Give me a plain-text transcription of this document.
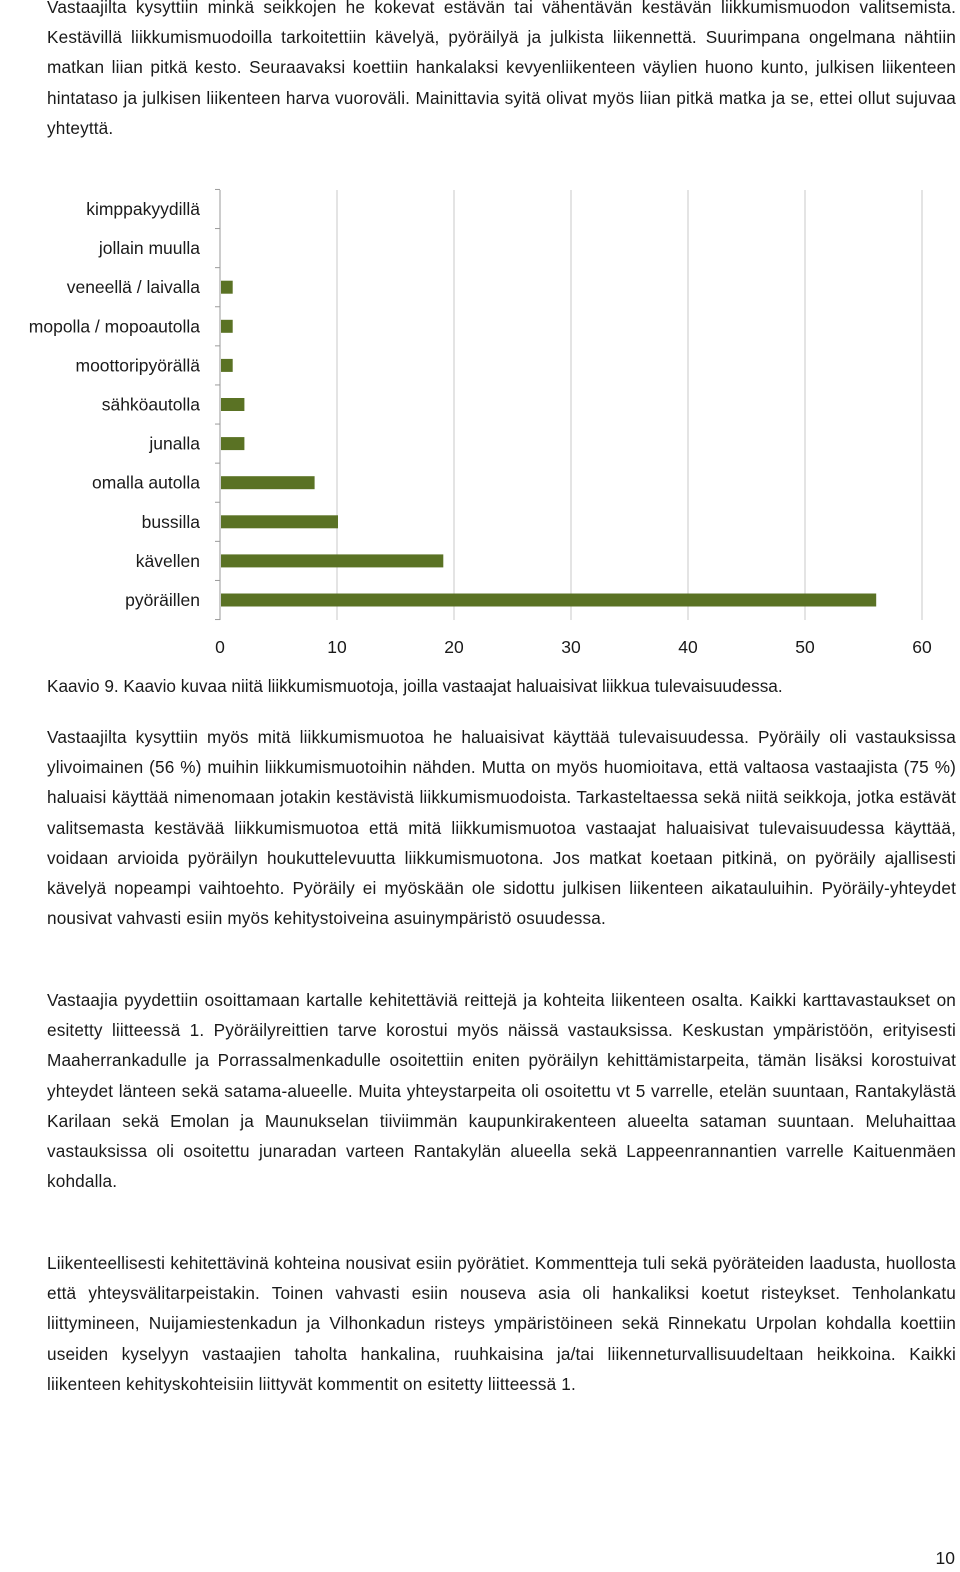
Vastaajilta kysyttiin minkä seikkojen he kokevat estävän tai vähentävän kestävän liikkumismuodon valitsemista. Kestävillä liikkumismuodoilla tarkoitettiin kävelyä, pyöräilyä ja julkista liikennettä. Suurimpana ongelmana nähtiin matkan liian pitkä kesto. Seuraavaksi koettiin hankalaksi kevyenliikenteen väylien huono kunto, julkisen liikenteen hintataso ja julkisen liikenteen harva vuoroväli. Mainittavia syitä olivat myös liian pitkä matka ja se, ettei ollut sujuvaa yhteyttä.

kimppakyydillä
jollain muulla
veneellä / laivalla
mopolla / mopoautolla
moottoripyörällä
sähköautolla
junalla
omalla autolla
bussilla
kävellen
pyöräillen
0	10	20	30	40	50	60

Kaavio 9. Kaavio kuvaa niitä liikkumismuotoja, joilla vastaajat haluaisivat liikkua tulevaisuudessa.

Vastaajilta kysyttiin myös mitä liikkumismuotoa he haluaisivat käyttää tulevaisuudessa. Pyöräily oli vastauksissa ylivoimainen (56 %) muihin liikkumismuotoihin nähden. Mutta on myös huomioitava, että valtaosa vastaajista (75 %) haluaisi käyttää nimenomaan jotakin kestävistä liikkumismuodoista. Tarkasteltaessa sekä niitä seikkoja, jotka estävät valitsemasta kestävää liikkumismuotoa että mitä liikkumismuotoa vastaajat haluaisivat tulevaisuudessa käyttää, voidaan arvioida pyöräilyn houkuttelevuutta liikkumismuotona. Jos matkat koetaan pitkinä, on pyöräily ajallisesti kävelyä nopeampi vaihtoehto. Pyöräily ei myöskään ole sidottu julkisen liikenteen aikatauluihin. Pyöräily-yhteydet nousivat vahvasti esiin myös kehitystoiveina asuinympäristö osuudessa.

Vastaajia pyydettiin osoittamaan kartalle kehitettäviä reittejä ja kohteita liikenteen osalta. Kaikki karttavastaukset on esitetty liitteessä 1. Pyöräilyreittien tarve korostui myös näissä vastauksissa. Keskustan ympäristöön, erityisesti Maaherrankadulle ja Porrassalmenkadulle osoitettiin eniten pyöräilyn kehittämistarpeita, tämän lisäksi korostuivat yhteydet länteen sekä satama-alueelle. Muita yhteystarpeita oli osoitettu vt 5 varrelle, etelän suuntaan, Rantakylästä Karilaan sekä Emolan ja Maunukselan tiiviimmän kaupunkirakenteen alueelta sataman suuntaan. Meluhaittaa vastauksissa oli osoitettu junaradan varteen Rantakylän alueella sekä Lappeenrannantien varrelle Kaituenmäen kohdalla.

Liikenteellisesti kehitettävinä kohteina nousivat esiin pyörätiet. Kommentteja tuli sekä pyöräteiden laadusta, huollosta että yhteysvälitarpeistakin. Toinen vahvasti esiin nouseva asia oli hankaliksi koetut risteykset. Tenholankatu liittymineen, Nuijamiestenkadun ja Vilhonkadun risteys ympäristöineen sekä Rinnekatu Urpolan kohdalla koettiin useiden kyselyyn vastaajien taholta hankalina, ruuhkaisina ja/tai liikenneturvallisuudeltaan heikkoina. Kaikki liikenteen kehityskohteisiin liittyvät kommentit on esitetty liitteessä 1.

10
